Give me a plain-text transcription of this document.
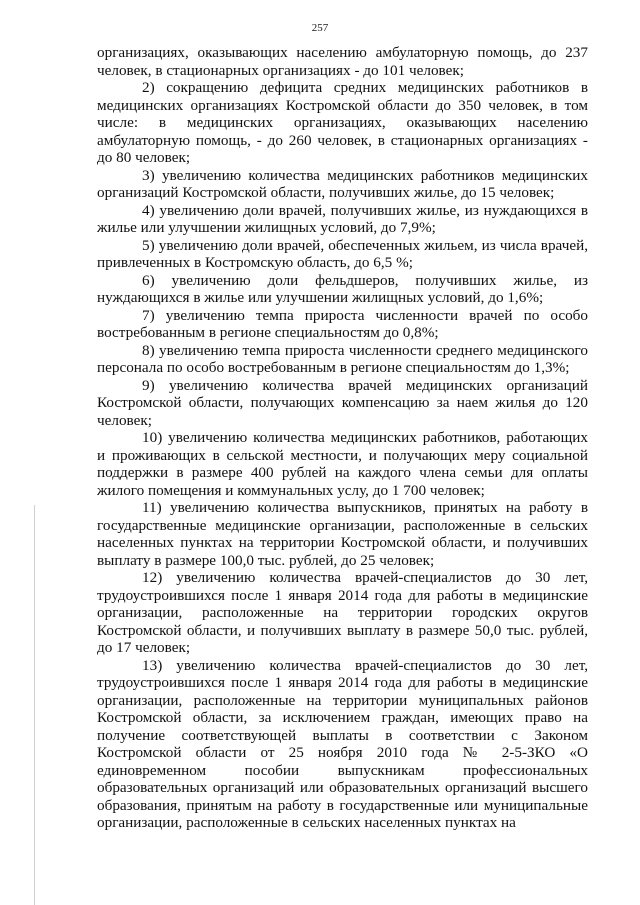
257

организациях, оказывающих населению амбулаторную помощь, до 237 человек, в стационарных организациях - до 101 человек;

2) сокращению дефицита средних медицинских работников в медицинских организациях Костромской области до 350 человек, в том числе: в медицинских организациях, оказывающих населению амбулаторную помощь, - до 260 человек, в стационарных организациях - до 80 человек;

3) увеличению количества медицинских работников медицинских организаций Костромской области, получивших жилье, до 15 человек;

4) увеличению доли врачей, получивших жилье, из нуждающихся в жилье или улучшении жилищных условий, до 7,9%;

5) увеличению доли врачей, обеспеченных жильем, из числа врачей, привлеченных в Костромскую область, до 6,5 %;

6) увеличению доли фельдшеров, получивших жилье, из нуждающихся в жилье или улучшении жилищных условий, до 1,6%;

7) увеличению темпа прироста численности врачей по особо востребованным в регионе специальностям до 0,8%;

8) увеличению темпа прироста численности среднего медицинского персонала по особо востребованным в регионе специальностям до 1,3%;

9) увеличению количества врачей медицинских организаций Костромской области, получающих компенсацию за наем жилья до 120 человек;

10) увеличению количества медицинских работников, работающих и проживающих в сельской местности, и получающих меру социальной поддержки в размере 400 рублей на каждого члена семьи для оплаты жилого помещения и коммунальных услу, до 1 700 человек;

11) увеличению количества выпускников, принятых на работу в государственные медицинские организации, расположенные в сельских населенных пунктах на территории Костромской области, и получивших выплату в размере 100,0 тыс. рублей, до 25 человек;

12) увеличению количества врачей-специалистов до 30 лет, трудоустроившихся после 1 января 2014 года для работы в медицинские организации, расположенные на территории городских округов Костромской области, и получивших выплату в размере 50,0 тыс. рублей, до 17 человек;

13) увеличению количества врачей-специалистов до 30 лет, трудоустроившихся после 1 января 2014 года для работы в медицинские организации, расположенные на территории муниципальных районов Костромской области, за исключением граждан, имеющих право на получение соответствующей выплаты в соответствии с Законом Костромской области от 25 ноября 2010 года № 2-5-ЗКО «О единовременном пособии выпускникам профессиональных образовательных организаций или образовательных организаций высшего образования, принятым на работу в государственные или муниципальные организации, расположенные в сельских населенных пунктах на
